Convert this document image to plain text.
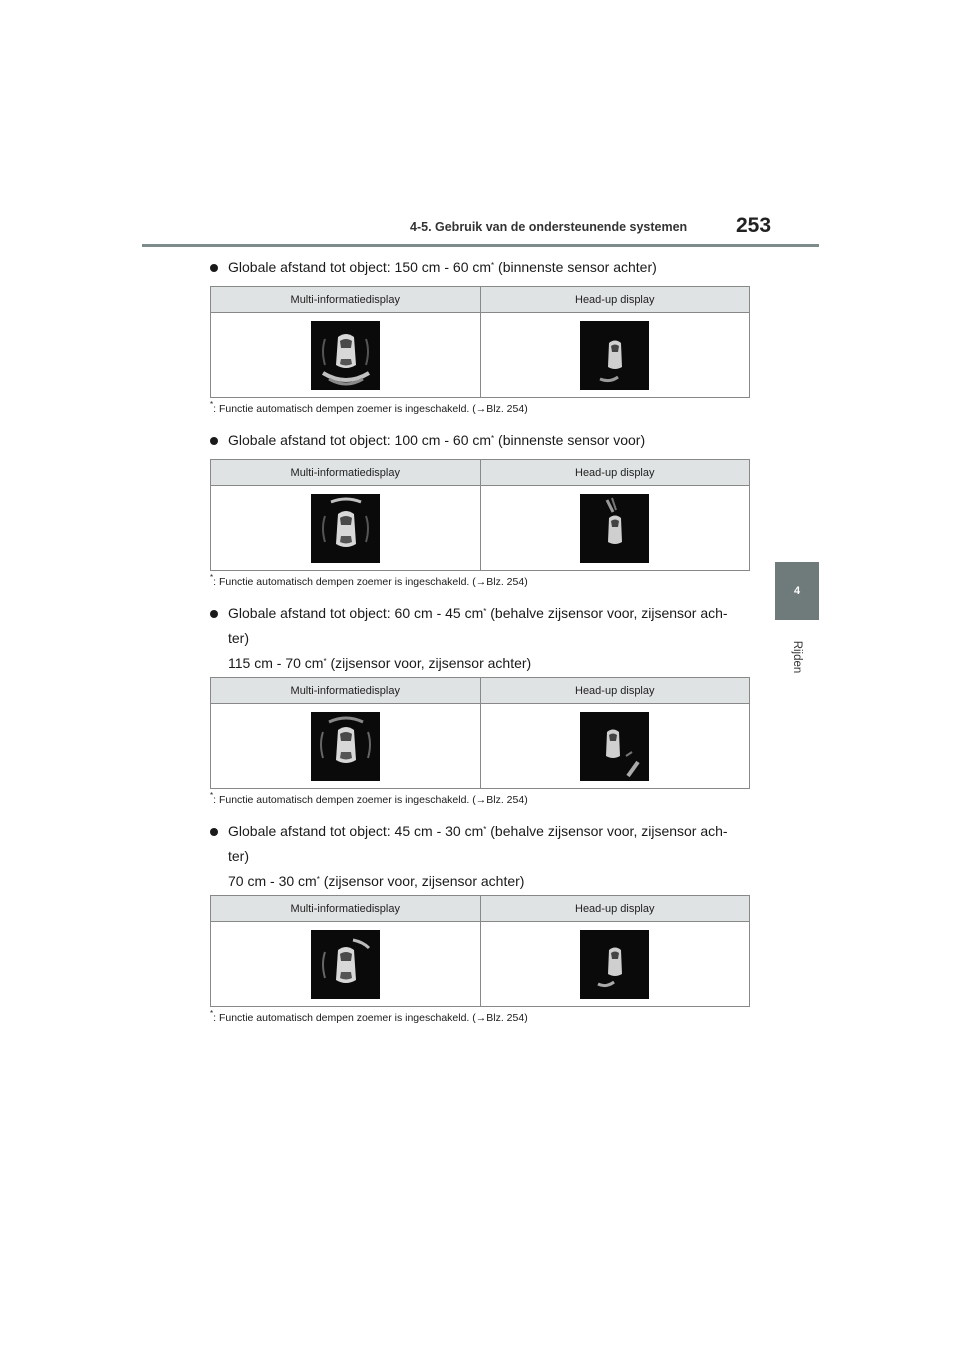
4-5. Gebruik van de ondersteunende systemen 253
4
Rijden
Globale afstand tot object: 150 cm - 60 cm* (binnenste sensor achter)
Multi-informatiedisplay	Head-up display

*: Functie automatisch dempen zoemer is ingeschakeld. (→Blz. 254)
Globale afstand tot object: 100 cm - 60 cm* (binnenste sensor voor)
Multi-informatiedisplay	Head-up display

*: Functie automatisch dempen zoemer is ingeschakeld. (→Blz. 254)
Globale afstand tot object: 60 cm - 45 cm* (behalve zijsensor voor, zijsensor ach-
ter)
115 cm - 70 cm* (zijsensor voor, zijsensor achter)
Multi-informatiedisplay	Head-up display

*: Functie automatisch dempen zoemer is ingeschakeld. (→Blz. 254)
Globale afstand tot object: 45 cm - 30 cm* (behalve zijsensor voor, zijsensor ach-
ter)
70 cm - 30 cm* (zijsensor voor, zijsensor achter)
Multi-informatiedisplay	Head-up display

*: Functie automatisch dempen zoemer is ingeschakeld. (→Blz. 254)
